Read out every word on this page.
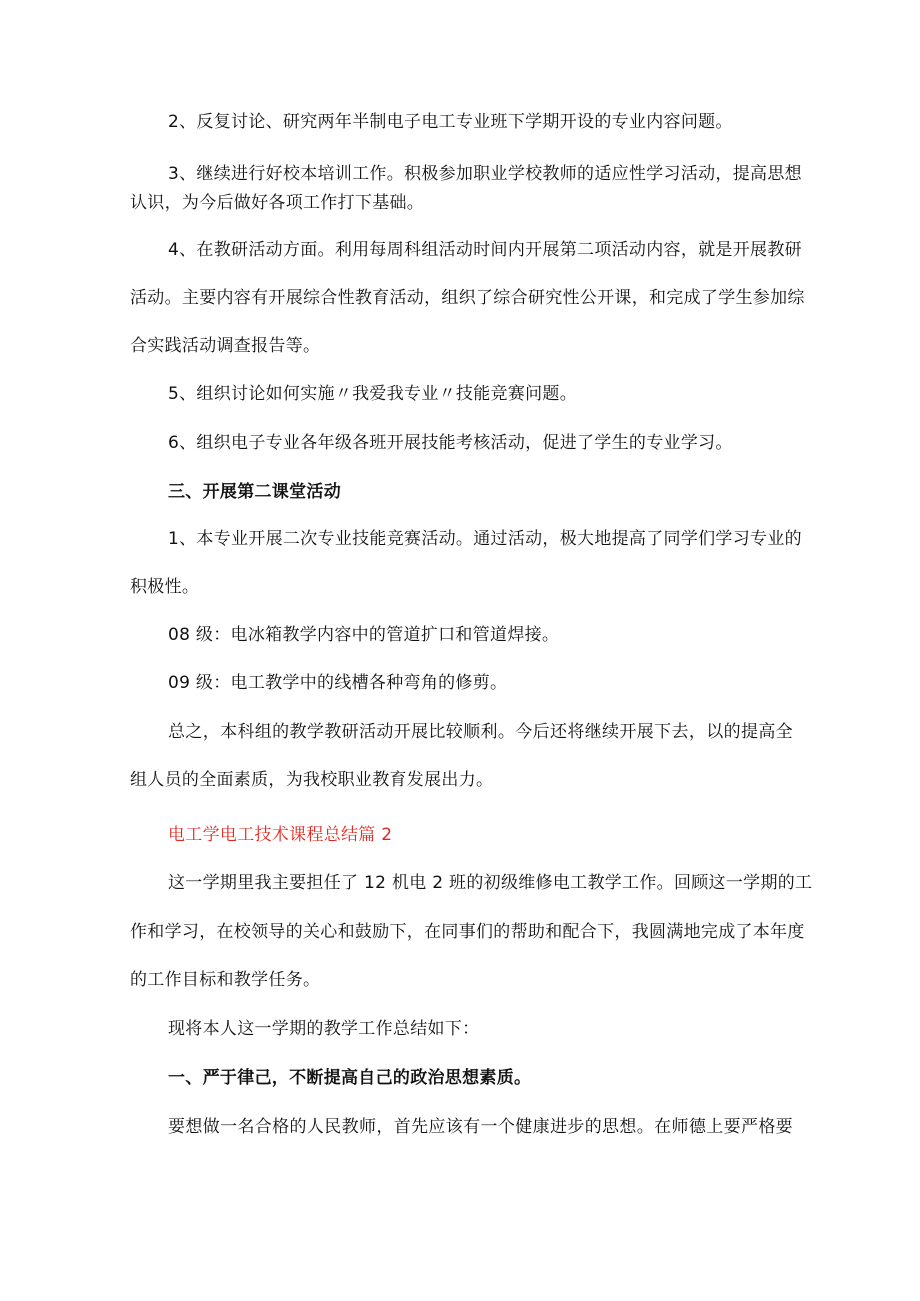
2、反复讨论、研究两年半制电子电工专业班下学期开设的专业内容问题。

3、继续进行好校本培训工作。积极参加职业学校教师的适应性学习活动，提高思想

认识，为今后做好各项工作打下基础。

4、在教研活动方面。利用每周科组活动时间内开展第二项活动内容，就是开展教研

活动。主要内容有开展综合性教育活动，组织了综合研究性公开课，和完成了学生参加综

合实践活动调查报告等。

5、组织讨论如何实施〃我爱我专业〃技能竞赛问题。

6、组织电子专业各年级各班开展技能考核活动，促进了学生的专业学习。

三、开展第二课堂活动

1、本专业开展二次专业技能竞赛活动。通过活动，极大地提高了同学们学习专业的

积极性。

08 级：电冰箱教学内容中的管道扩口和管道焊接。

09 级：电工教学中的线槽各种弯角的修剪。

总之，本科组的教学教研活动开展比较顺利。今后还将继续开展下去，以的提高全

组人员的全面素质，为我校职业教育发展出力。

电工学电工技术课程总结篇 2

这一学期里我主要担任了 12 机电 2 班的初级维修电工教学工作。回顾这一学期的工

作和学习，在校领导的关心和鼓励下，在同事们的帮助和配合下，我圆满地完成了本年度

的工作目标和教学任务。

现将本人这一学期的教学工作总结如下：

一、严于律己，不断提高自己的政治思想素质。

要想做一名合格的人民教师，首先应该有一个健康进步的思想。在师德上要严格要
